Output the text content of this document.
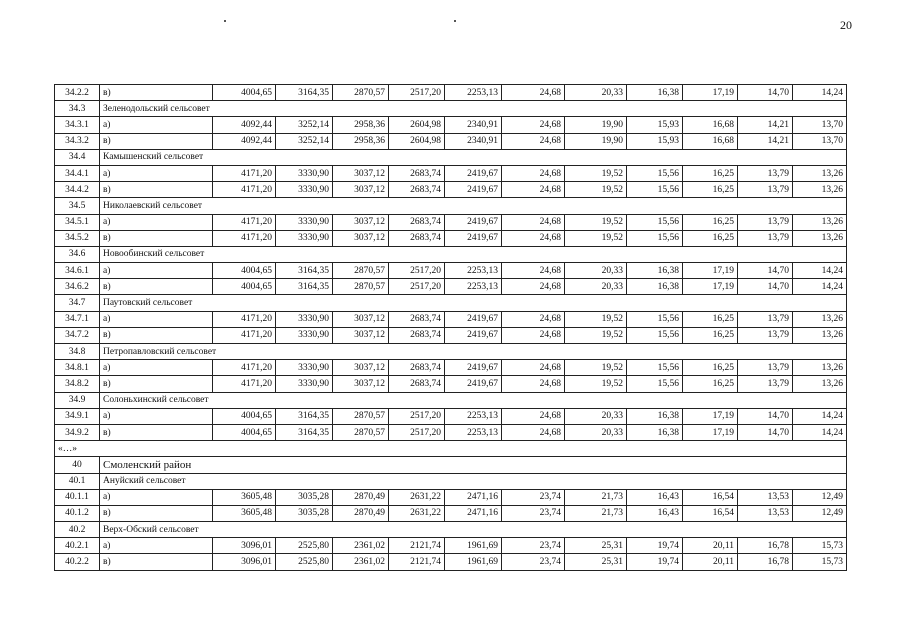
20
34.2.2	в)	4004,65	3164,35	2870,57	2517,20	2253,13	24,68	20,33	16,38	17,19	14,70	14,24
34.3	Зеленодольский сельсовет											
34.3.1	а)	4092,44	3252,14	2958,36	2604,98	2340,91	24,68	19,90	15,93	16,68	14,21	13,70
34.3.2	в)	4092,44	3252,14	2958,36	2604,98	2340,91	24,68	19,90	15,93	16,68	14,21	13,70
34.4	Камышенский сельсовет											
34.4.1	а)	4171,20	3330,90	3037,12	2683,74	2419,67	24,68	19,52	15,56	16,25	13,79	13,26
34.4.2	в)	4171,20	3330,90	3037,12	2683,74	2419,67	24,68	19,52	15,56	16,25	13,79	13,26
34.5	Николаевский сельсовет											
34.5.1	а)	4171,20	3330,90	3037,12	2683,74	2419,67	24,68	19,52	15,56	16,25	13,79	13,26
34.5.2	в)	4171,20	3330,90	3037,12	2683,74	2419,67	24,68	19,52	15,56	16,25	13,79	13,26
34.6	Новообинский сельсовет											
34.6.1	а)	4004,65	3164,35	2870,57	2517,20	2253,13	24,68	20,33	16,38	17,19	14,70	14,24
34.6.2	в)	4004,65	3164,35	2870,57	2517,20	2253,13	24,68	20,33	16,38	17,19	14,70	14,24
34.7	Паутовский сельсовет											
34.7.1	а)	4171,20	3330,90	3037,12	2683,74	2419,67	24,68	19,52	15,56	16,25	13,79	13,26
34.7.2	в)	4171,20	3330,90	3037,12	2683,74	2419,67	24,68	19,52	15,56	16,25	13,79	13,26
34.8	Петропавловский сельсовет											
34.8.1	а)	4171,20	3330,90	3037,12	2683,74	2419,67	24,68	19,52	15,56	16,25	13,79	13,26
34.8.2	в)	4171,20	3330,90	3037,12	2683,74	2419,67	24,68	19,52	15,56	16,25	13,79	13,26
34.9	Солоньхинский сельсовет											
34.9.1	а)	4004,65	3164,35	2870,57	2517,20	2253,13	24,68	20,33	16,38	17,19	14,70	14,24
34.9.2	в)	4004,65	3164,35	2870,57	2517,20	2253,13	24,68	20,33	16,38	17,19	14,70	14,24
«…»												
40	Смоленский район											
40.1	Ануйский сельсовет											
40.1.1	а)	3605,48	3035,28	2870,49	2631,22	2471,16	23,74	21,73	16,43	16,54	13,53	12,49
40.1.2	в)	3605,48	3035,28	2870,49	2631,22	2471,16	23,74	21,73	16,43	16,54	13,53	12,49
40.2	Верх-Обский сельсовет											
40.2.1	а)	3096,01	2525,80	2361,02	2121,74	1961,69	23,74	25,31	19,74	20,11	16,78	15,73
40.2.2	в)	3096,01	2525,80	2361,02	2121,74	1961,69	23,74	25,31	19,74	20,11	16,78	15,73
